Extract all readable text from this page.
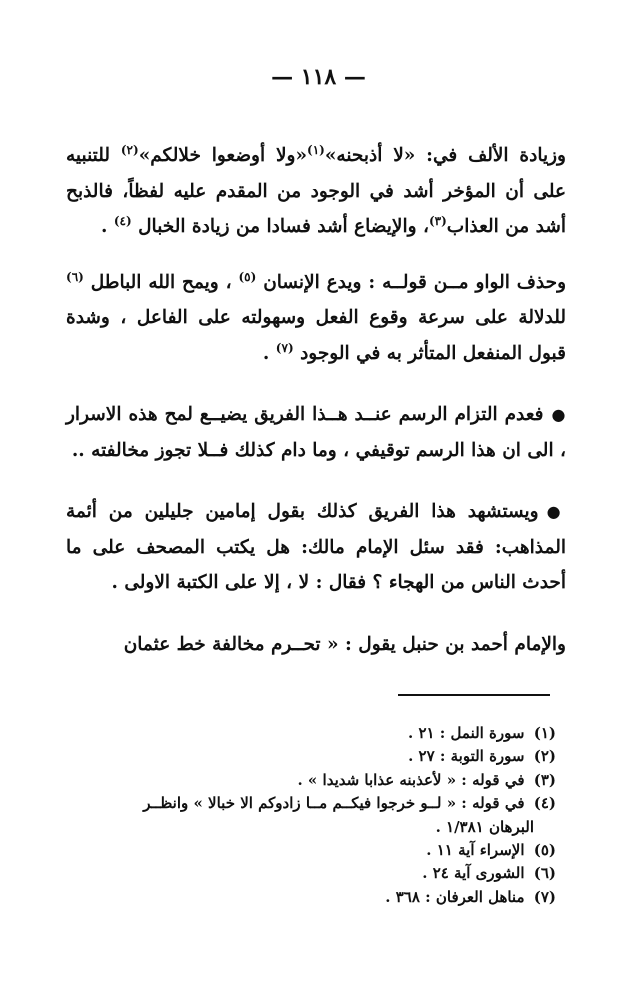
— ١١٨ —

وزيادة الألف في: «لا أذبحنه»$^{(١)}$«ولا أوضعوا خلالكم»$^{(٢)}$ للتنبيه على أن المؤخر أشد في الوجود من المقدم عليه لفظاً، فالذبح أشد من العذاب$^{(٣)}$، والإيضاع أشد فسادا من زيادة الخبال $^{(٤)}$ .

وحذف الواو مــن قولــه : ويدع الإنسان $^{(٥)}$ ، ويمح الله الباطل $^{(٦)}$ للدلالة على سرعة وقوع الفعل وسهولته على الفاعل ، وشدة قبول المنفعل المتأثر به في الوجود $^{(٧)}$ .

●فعدم التزام الرسم عنــد هــذا الفريق يضيــع لمح هذه الاسرار ، الى ان هذا الرسم توقيفي ، وما دام كذلك فــلا تجوز مخالفته ..

●ويستشهد هذا الفريق كذلك بقول إمامين جليلين من أئمة المذاهب: فقد سئل الإمام مالك: هل يكتب المصحف على ما أحدث الناس من الهجاء ؟ فقال : لا ، إلا على الكتبة الاولى .

والإمام أحمد بن حنبل يقول : « تحــرم مخالفة خط عثمان

(١) سورة النمل : ٢١ .

(٢) سورة التوبة : ٢٧ .

(٣) في قوله : « لأعذبنه عذابا شديدا » .

(٤) في قوله : « لــو خرجوا فيكــم مــا زادوكم الا خبالا » وانظــر

البرهان ١/٣٨١ .

(٥) الإسراء آية ١١ .

(٦) الشورى آية ٢٤ .

(٧) مناهل العرفان : ٣٦٨ .
